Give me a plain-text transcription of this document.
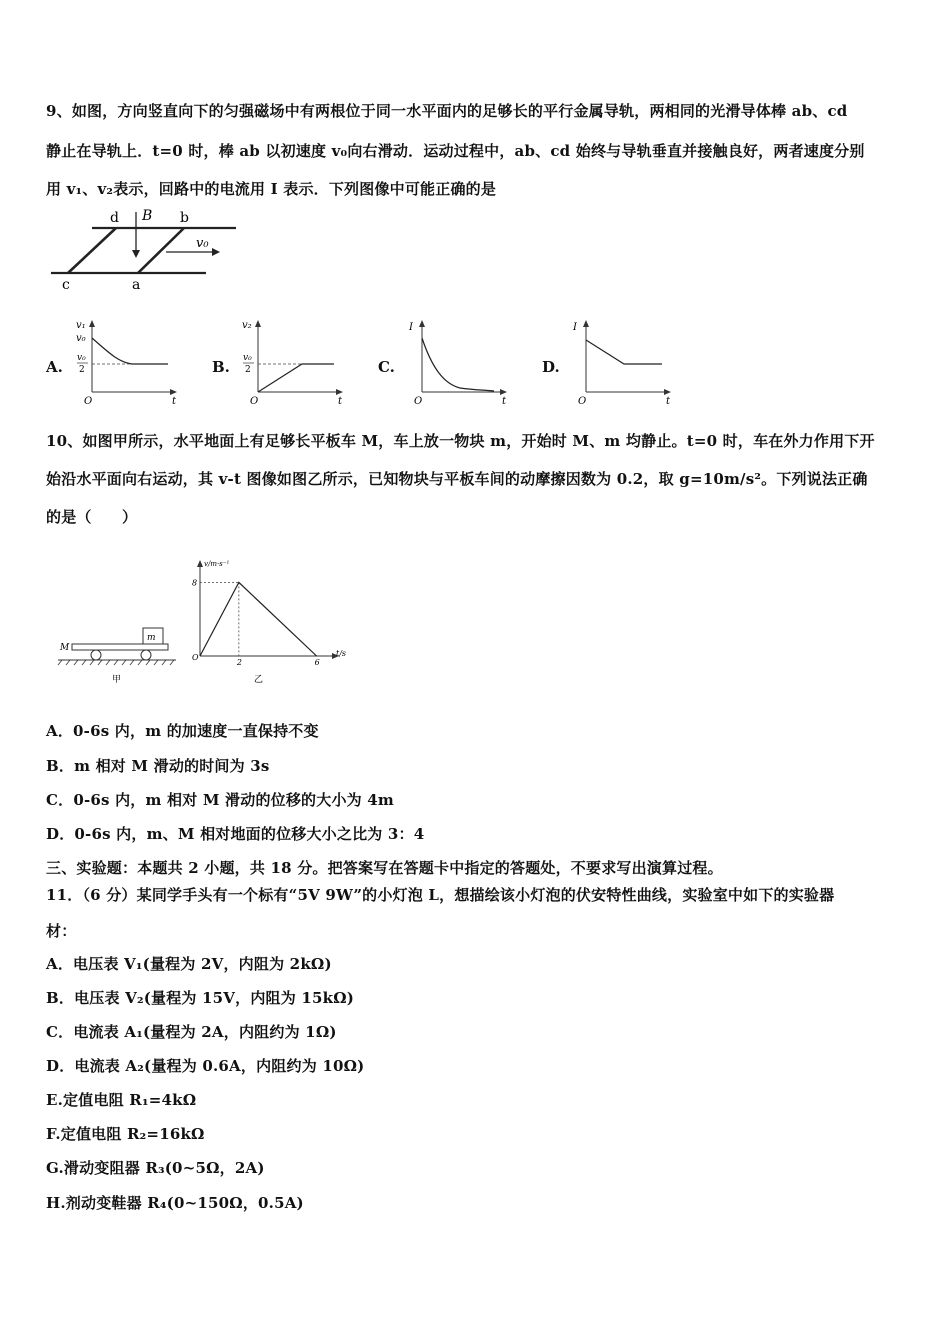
9、如图，方向竖直向下的匀强磁场中有两根位于同一水平面内的足够长的平行金属导轨，两相同的光滑导体棒 ab、cd
静止在导轨上．t=0 时，棒 ab 以初速度 v₀向右滑动．运动过程中，ab、cd 始终与导轨垂直并接触良好，两者速度分别
用 v₁、v₂表示，回路中的电流用 I 表示．下列图像中可能正确的是
d	b
B
v₀
c	a
A.
v₁
v₀
v₀
2
O	t
B.
v₂
v₀
2
O	t
C.
I
O	t
D.
I
O	t
10、如图甲所示，水平地面上有足够长平板车 M，车上放一物块 m，开始时 M、m 均静止。t=0 时，车在外力作用下开
始沿水平面向右运动，其 v-t 图像如图乙所示，已知物块与平板车间的动摩擦因数为 0.2，取 g=10m/s²。下列说法正确
的是（　　）
m
M
甲
v/m·s⁻¹
t/s
O
8
2	6
乙
A．0-6s 内，m 的加速度一直保持不变
B．m 相对 M 滑动的时间为 3s
C．0-6s 内，m 相对 M 滑动的位移的大小为 4m
D．0-6s 内，m、M 相对地面的位移大小之比为 3：4
三、实验题：本题共 2 小题，共 18 分。把答案写在答题卡中指定的答题处，不要求写出演算过程。
11．（6 分）某同学手头有一个标有“5V 9W”的小灯泡 L，想描绘该小灯泡的伏安特性曲线，实验室中如下的实验器
材：
A．电压表 V₁(量程为 2V，内阻为 2kΩ)
B．电压表 V₂(量程为 15V，内阻为 15kΩ)
C．电流表 A₁(量程为 2A，内阻约为 1Ω)
D．电流表 A₂(量程为 0.6A，内阻约为 10Ω)
E.定值电阻 R₁=4kΩ
F.定值电阻 R₂=16kΩ
G.滑动变阻器 R₃(0~5Ω，2A)
H.剂动变鞋器 R₄(0~150Ω，0.5A)
